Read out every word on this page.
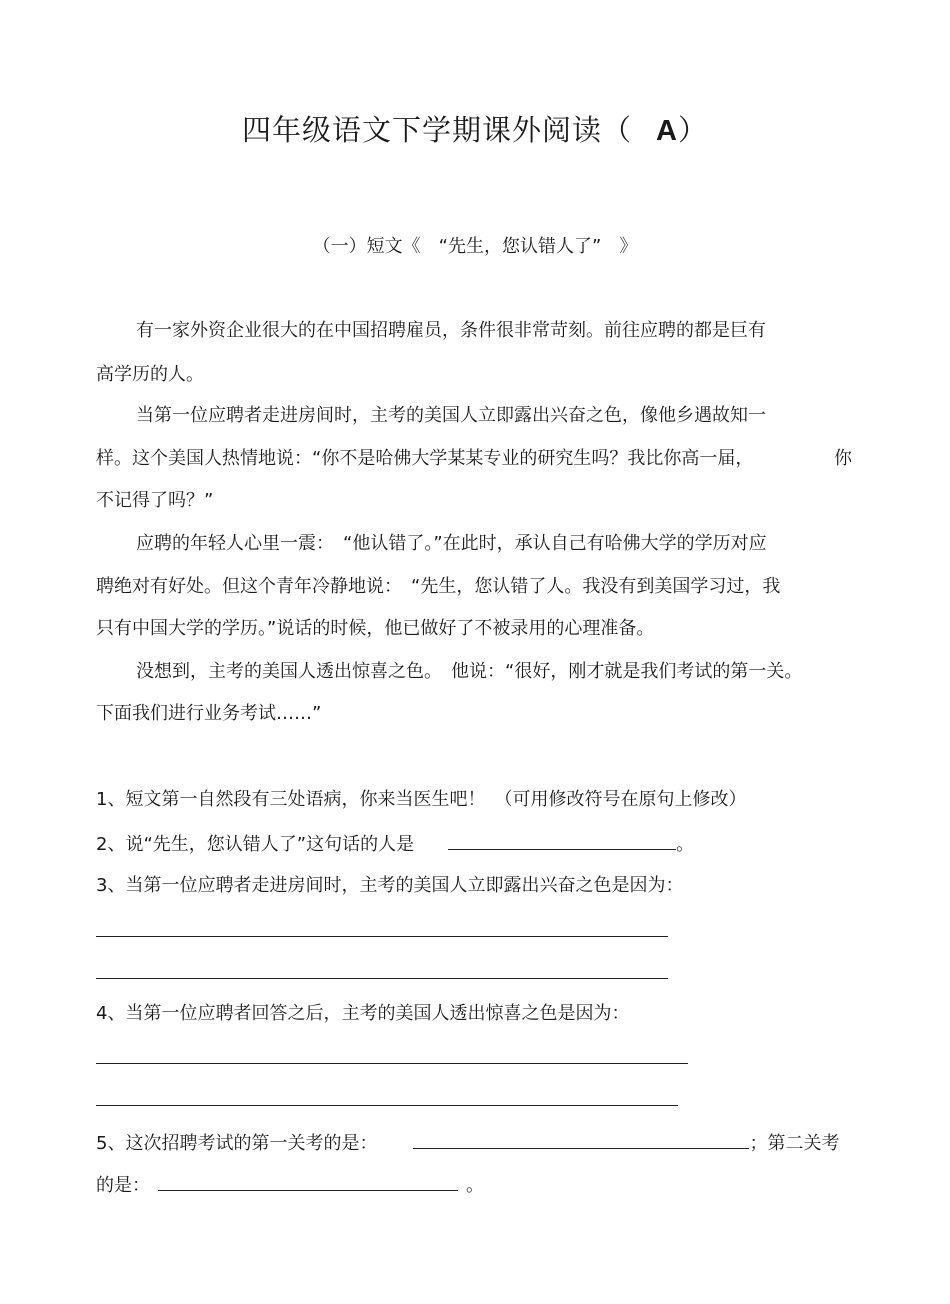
四年级语文下学期课外阅读（ A）
（一）短文《　“先生，您认错人了”　》
有一家外资企业很大的在中国招聘雇员，条件很非常苛刻。前往应聘的都是巨有
高学历的人。
当第一位应聘者走进房间时，主考的美国人立即露出兴奋之色，像他乡遇故知一
样。这个美国人热情地说：“你不是哈佛大学某某专业的研究生吗？我比你高一届，	你
不记得了吗？”
应聘的年轻人心里一震：　“他认错了。”在此时，承认自己有哈佛大学的学历对应
聘绝对有好处。但这个青年冷静地说：　“先生，您认错了人。我没有到美国学习过，我
只有中国大学的学历。”说话的时候，他已做好了不被录用的心理准备。
没想到，主考的美国人透出惊喜之色。　他说：“很好，刚才就是我们考试的第一关。
下面我们进行业务考试……”
1、短文第一自然段有三处语病，你来当医生吧！　（可用修改符号在原句上修改）
2、说“先生，您认错人了”这句话的人是	。
3、当第一位应聘者走进房间时，主考的美国人立即露出兴奋之色是因为：
4、当第一位应聘者回答之后，主考的美国人透出惊喜之色是因为：
5、这次招聘考试的第一关考的是：	；第二关考
的是：	。
